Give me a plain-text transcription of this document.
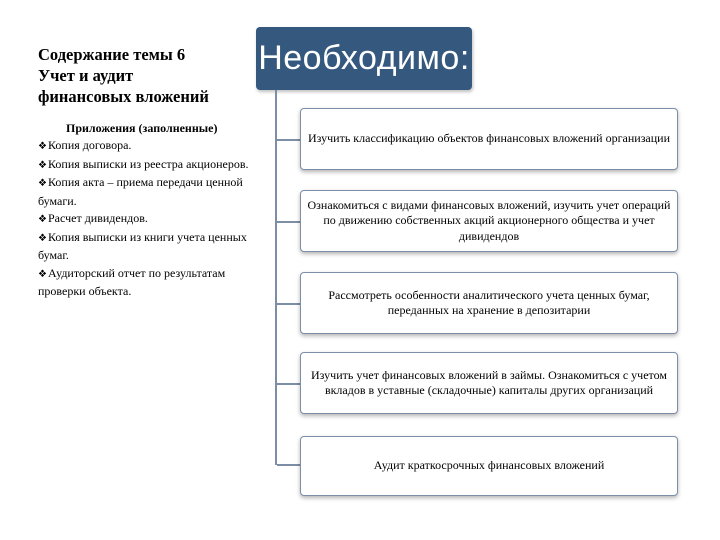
Содержание темы 6
Учет и аудит
финансовых вложений
Приложения (заполненные)
❖Копия договора.
❖Копия выписки из реестра акционеров.
❖Копия акта – приема передачи ценной бумаги.
❖Расчет дивидендов.
❖Копия выписки из книги учета ценных бумаг.
❖Аудиторский отчет по результатам проверки объекта.
Необходимо:
Изучить классификацию объектов финансовых вложений организации
Ознакомиться с видами финансовых вложений, изучить учет операций по движению собственных акций акционерного общества и учет дивидендов
Рассмотреть особенности аналитического учета ценных бумаг, переданных на хранение в депозитарии
Изучить учет финансовых вложений в займы. Ознакомиться с учетом вкладов в уставные (складочные) капиталы других организаций
Аудит краткосрочных финансовых вложений
